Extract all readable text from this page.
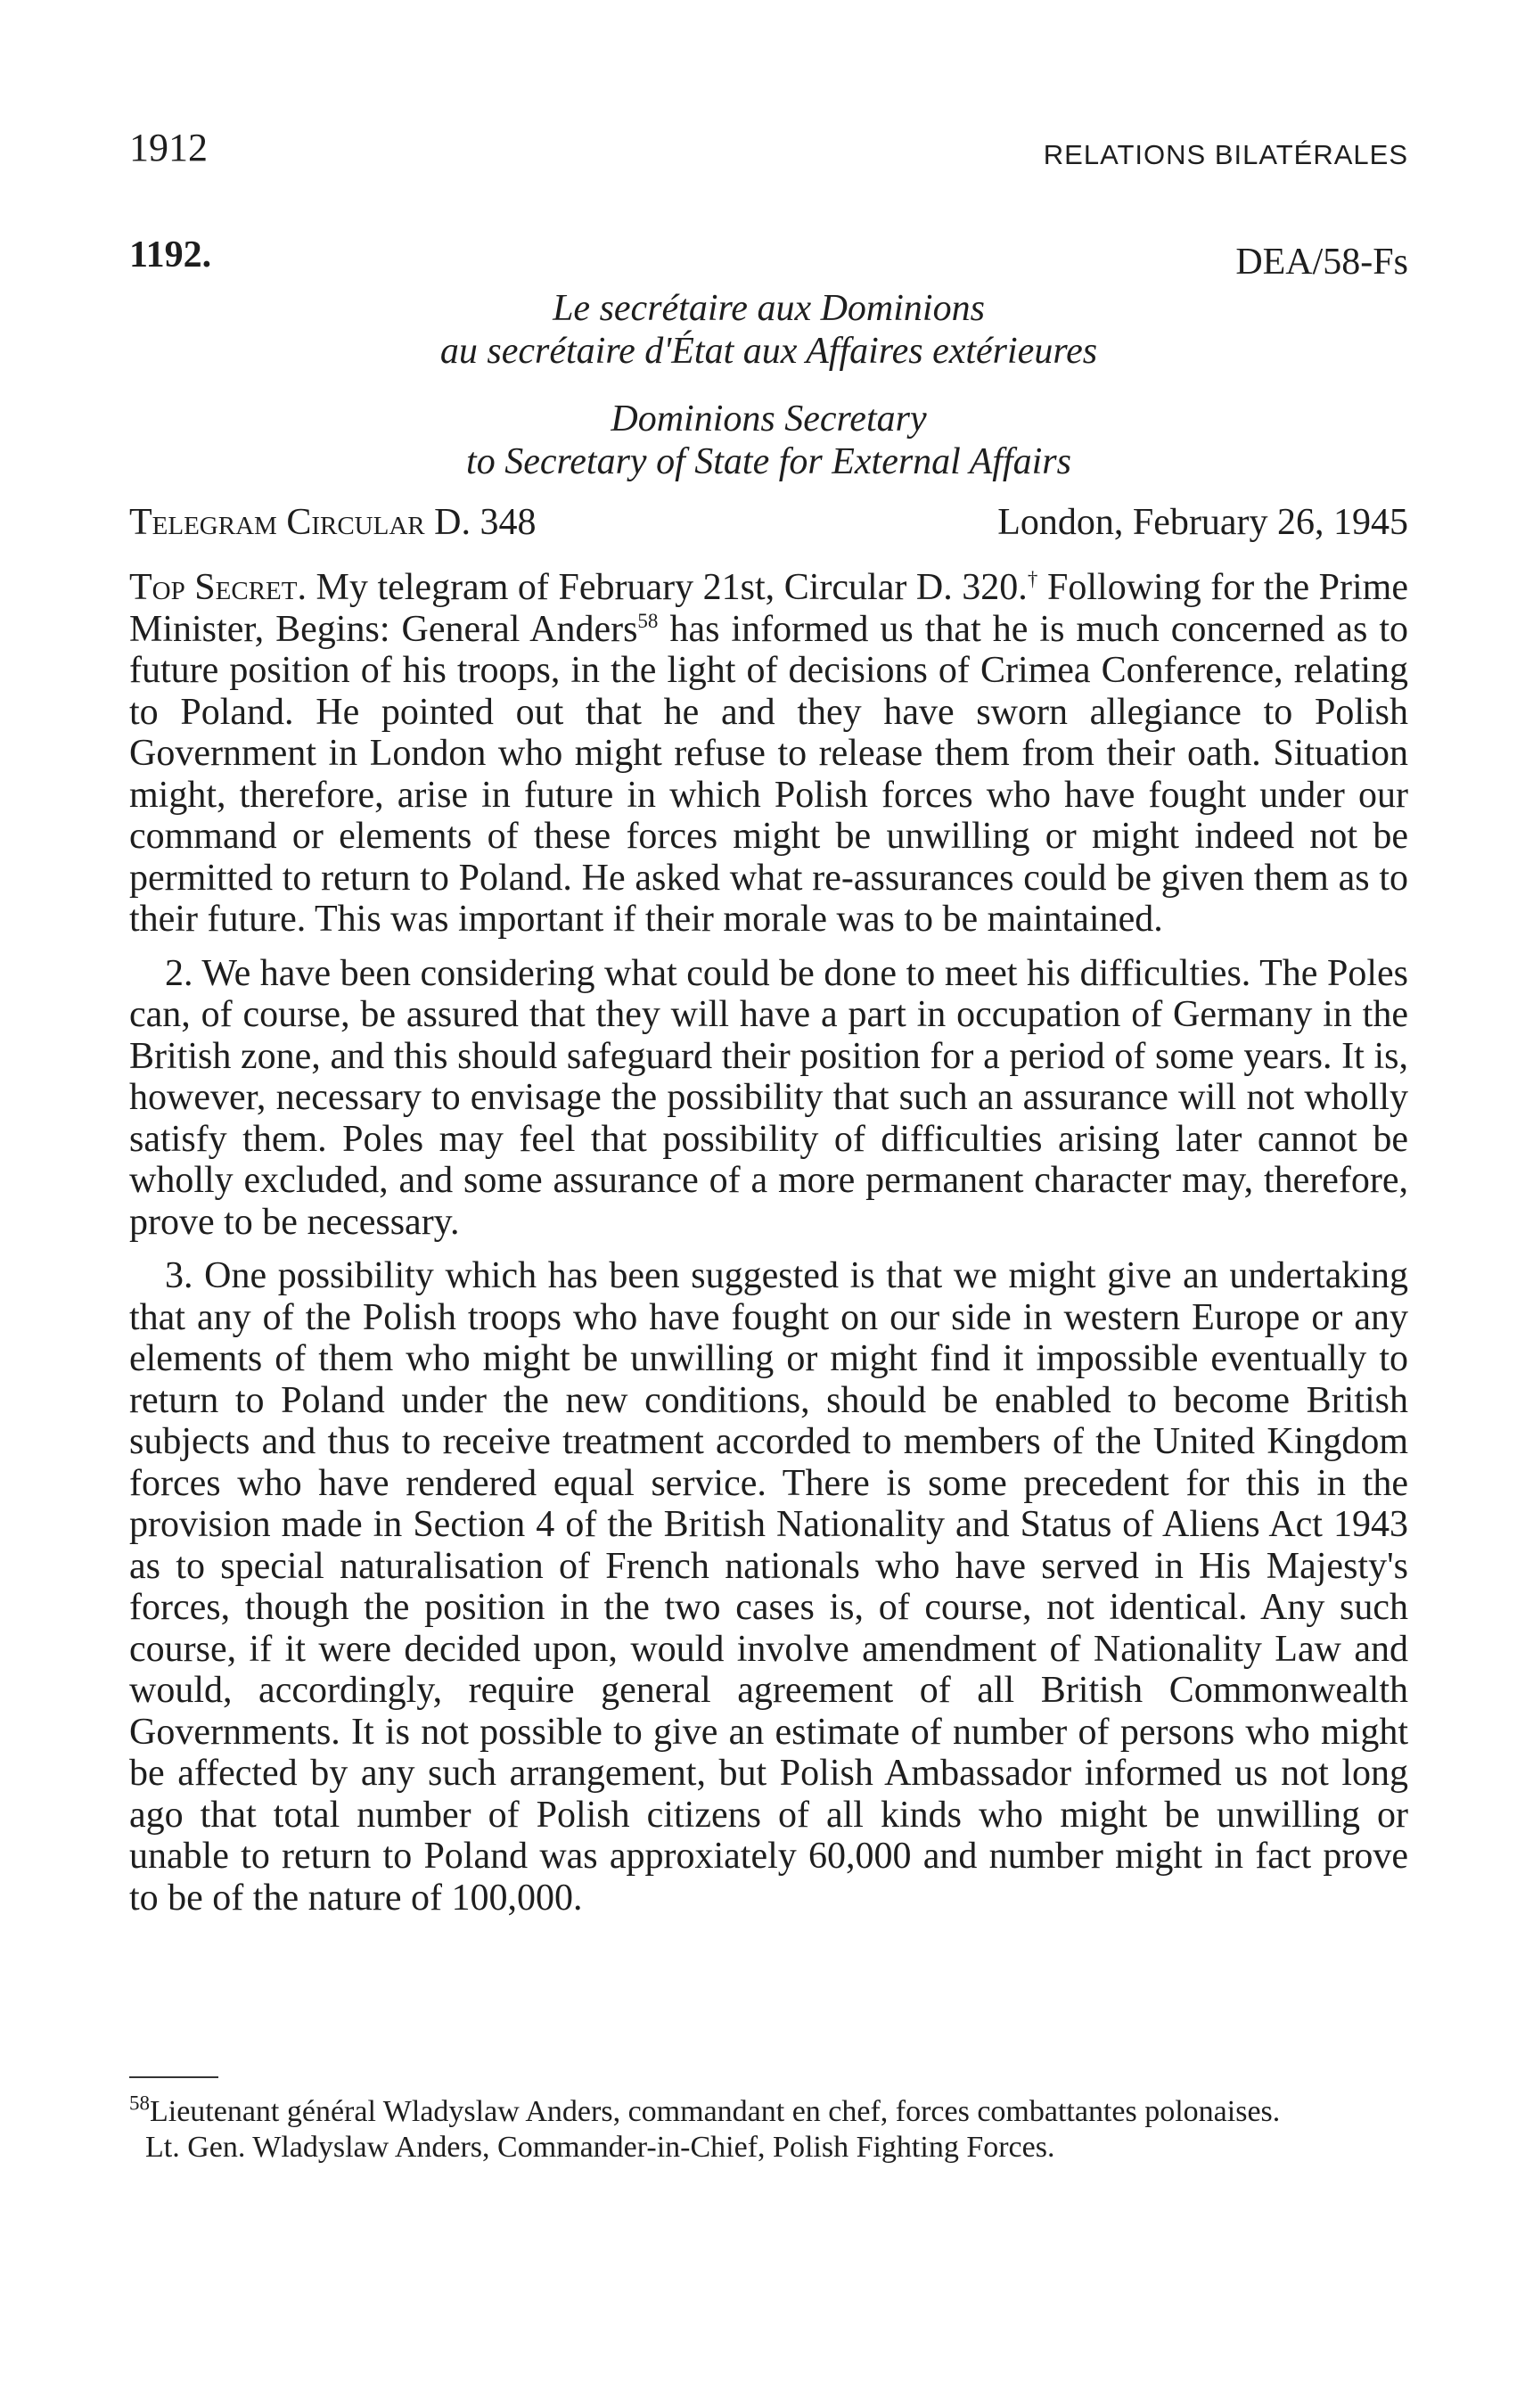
1912	RELATIONS BILATÉRALES
1192.	DEA/58-Fs
Le secrétaire aux Dominions
au secrétaire d'État aux Affaires extérieures
Dominions Secretary
to Secretary of State for External Affairs
Telegram Circular D. 348	London, February 26, 1945

Top Secret. My telegram of February 21st, Circular D. 320.† Following for the Prime Minister, Begins: General Anders$^{58}$ has informed us that he is much concerned as to future position of his troops, in the light of decisions of Crimea Conference, relating to Poland. He pointed out that he and they have sworn allegiance to Polish Government in London who might refuse to release them from their oath. Situation might, therefore, arise in future in which Polish forces who have fought under our command or elements of these forces might be unwilling or might indeed not be permitted to return to Poland. He asked what re-assurances could be given them as to their future. This was important if their morale was to be maintained.

2. We have been considering what could be done to meet his difficulties. The Poles can, of course, be assured that they will have a part in occupation of Germany in the British zone, and this should safeguard their position for a period of some years. It is, however, necessary to envisage the possibility that such an assurance will not wholly satisfy them. Poles may feel that possibility of difficulties arising later cannot be wholly excluded, and some assurance of a more permanent character may, therefore, prove to be necessary.

3. One possibility which has been suggested is that we might give an undertaking that any of the Polish troops who have fought on our side in western Europe or any elements of them who might be unwilling or might find it impossible eventually to return to Poland under the new conditions, should be enabled to become British subjects and thus to receive treatment accorded to members of the United Kingdom forces who have rendered equal service. There is some precedent for this in the provision made in Section 4 of the British Nationality and Status of Aliens Act 1943 as to special naturalisation of French nationals who have served in His Majesty's forces, though the position in the two cases is, of course, not identical. Any such course, if it were decided upon, would involve amendment of Nationality Law and would, accordingly, require general agreement of all British Commonwealth Governments. It is not possible to give an estimate of number of persons who might be affected by any such arrangement, but Polish Ambassador informed us not long ago that total number of Polish citizens of all kinds who might be unwilling or unable to return to Poland was approxiately 60,000 and number might in fact prove to be of the nature of 100,000.

$^{58}$Lieutenant général Wladyslaw Anders, commandant en chef, forces combattantes polonaises.

Lt. Gen. Wladyslaw Anders, Commander-in-Chief, Polish Fighting Forces.
